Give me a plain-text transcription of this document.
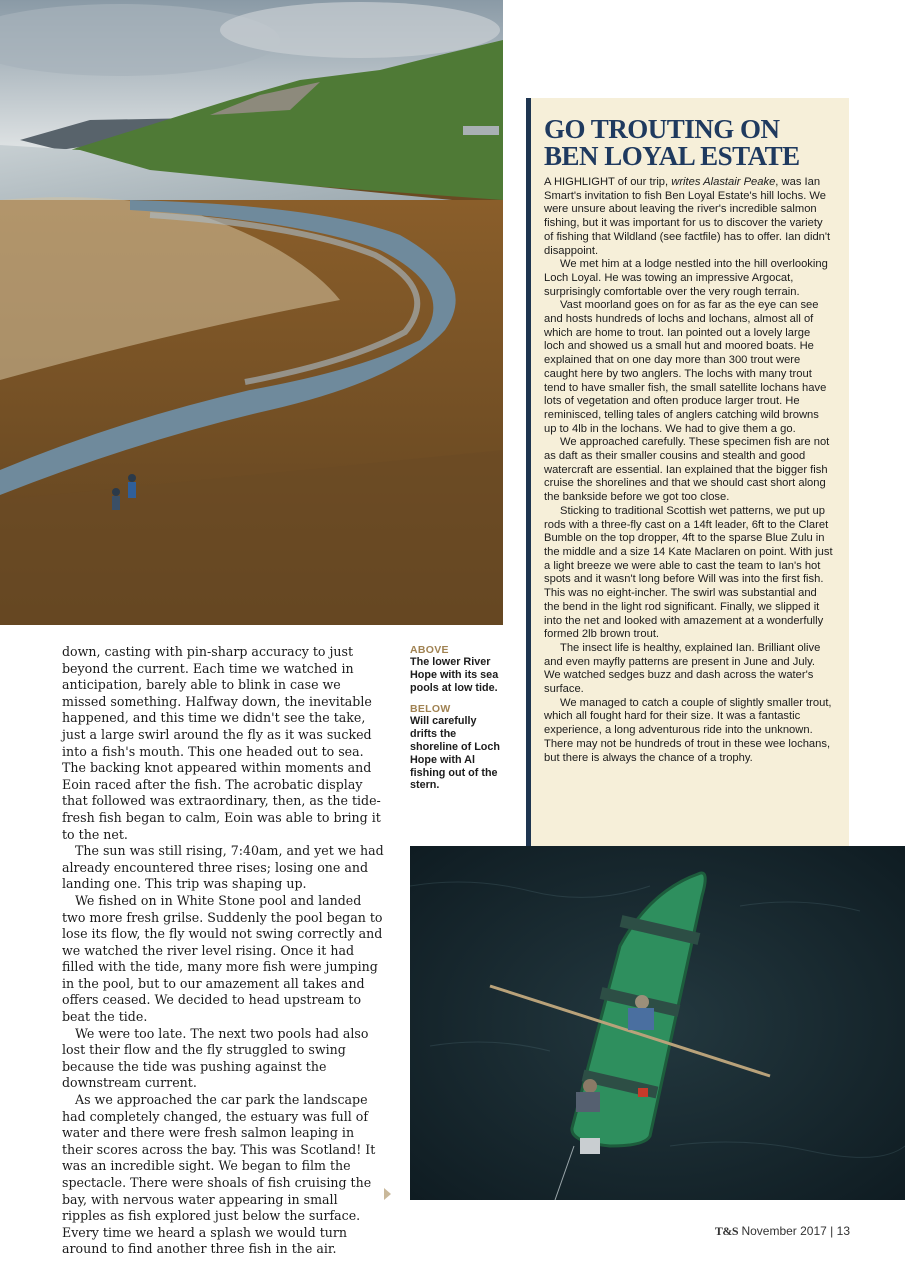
GO TROUTING ON
BEN LOYAL ESTATE

A HIGHLIGHT of our trip, writes Alastair Peake, was Ian Smart's invitation to fish Ben Loyal Estate's hill lochs. We were unsure about leaving the river's incredible salmon fishing, but it was important for us to discover the variety of fishing that Wildland (see factfile) has to offer. Ian didn't disappoint.

We met him at a lodge nestled into the hill overlooking Loch Loyal. He was towing an impressive Argocat, surprisingly comfortable over the very rough terrain.

Vast moorland goes on for as far as the eye can see and hosts hundreds of lochs and lochans, almost all of which are home to trout. Ian pointed out a lovely large loch and showed us a small hut and moored boats. He explained that on one day more than 300 trout were caught here by two anglers. The lochs with many trout tend to have smaller fish, the small satellite lochans have lots of vegetation and often produce larger trout. He reminisced, telling tales of anglers catching wild browns up to 4lb in the lochans. We had to give them a go.

We approached carefully. These specimen fish are not as daft as their smaller cousins and stealth and good watercraft are essential. Ian explained that the bigger fish cruise the shorelines and that we should cast short along the bankside before we got too close.

Sticking to traditional Scottish wet patterns, we put up rods with a three-fly cast on a 14ft leader, 6ft to the Claret Bumble on the top dropper, 4ft to the sparse Blue Zulu in the middle and a size 14 Kate Maclaren on point. With just a light breeze we were able to cast the team to Ian's hot spots and it wasn't long before Will was into the first fish. This was no eight-incher. The swirl was substantial and the bend in the light rod significant. Finally, we slipped it into the net and looked with amazement at a wonderfully formed 2lb brown trout.

The insect life is healthy, explained Ian. Brilliant olive and even mayfly patterns are present in June and July. We watched sedges buzz and dash across the water's surface.

We managed to catch a couple of slightly smaller trout, which all fought hard for their size. It was a fantastic experience, a long adventurous ride into the unknown. There may not be hundreds of trout in these wee lochans, but there is always the chance of a trophy.

down, casting with pin-sharp accuracy to just beyond the current. Each time we watched in anticipation, barely able to blink in case we missed something. Halfway down, the inevitable happened, and this time we didn't see the take, just a large swirl around the fly as it was sucked into a fish's mouth. This one headed out to sea. The backing knot appeared within moments and Eoin raced after the fish. The acrobatic display that followed was extraordinary, then, as the tide-fresh fish began to calm, Eoin was able to bring it to the net.

The sun was still rising, 7:40am, and yet we had already encountered three rises; losing one and landing one. This trip was shaping up.

We fished on in White Stone pool and landed two more fresh grilse. Suddenly the pool began to lose its flow, the fly would not swing correctly and we watched the river level rising. Once it had filled with the tide, many more fish were jumping in the pool, but to our amazement all takes and offers ceased. We decided to head upstream to beat the tide.

We were too late. The next two pools had also lost their flow and the fly struggled to swing because the tide was pushing against the downstream current.

As we approached the car park the landscape had completely changed, the estuary was full of water and there were fresh salmon leaping in their scores across the bay. This was Scotland! It was an incredible sight. We began to film the spectacle. There were shoals of fish cruising the bay, with nervous water appearing in small ripples as fish explored just below the surface. Every time we heard a splash we would turn around to find another three fish in the air.

ABOVE

The lower River Hope with its sea pools at low tide.

BELOW

Will carefully drifts the shoreline of Loch Hope with Al fishing out of the stern.

T&S November 2017 | 13
